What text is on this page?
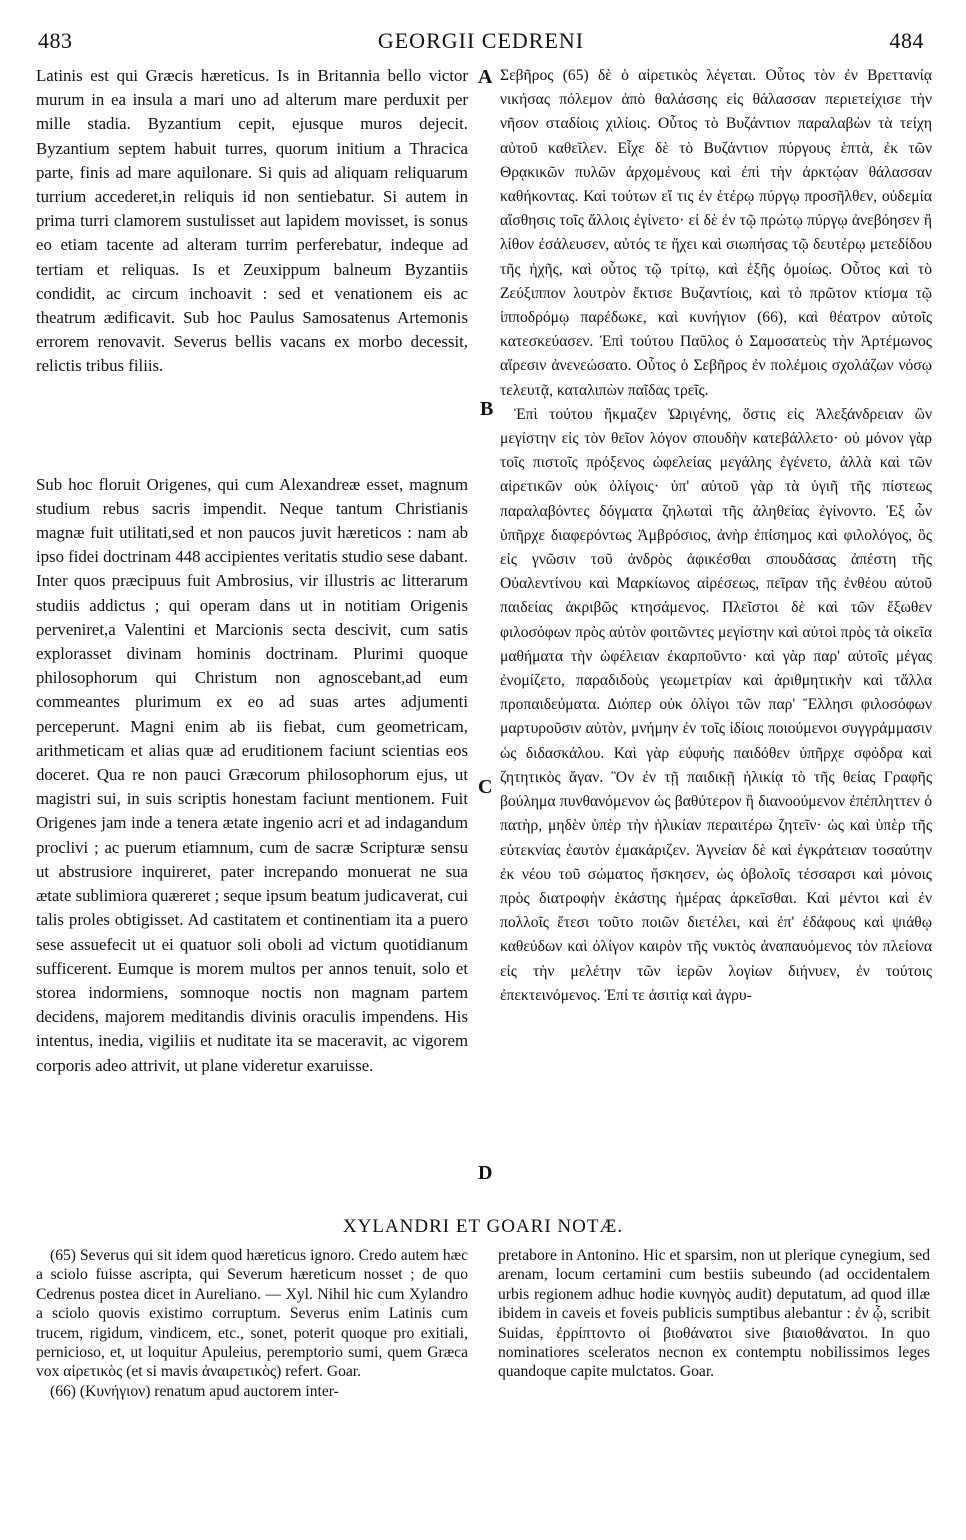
483	GEORGII CEDRENI	484

Latinis est qui Græcis hæreticus. Is in Britannia bello victor murum in ea insula a mari uno ad alterum mare perduxit per mille stadia. Byzantium cepit, ejusque muros dejecit. Byzantium septem habuit turres, quorum initium a Thracica parte, finis ad mare aquilonare. Si quis ad aliquam reliquarum turrium accederet,in reliquis id non sentiebatur. Si autem in prima turri clamorem sustulisset aut lapidem movisset, is sonus eo etiam tacente ad alteram turrim perferebatur, indeque ad tertiam et reliquas. Is et Zeuxippum balneum Byzantiis condidit, ac circum inchoavit : sed et venationem eis ac theatrum ædificavit. Sub hoc Paulus Samosatenus Artemonis errorem renovavit. Severus bellis vacans ex morbo decessit, relictis tribus filiis.

Sub hoc floruit Origenes, qui cum Alexandreæ esset, magnum studium rebus sacris impendit. Neque tantum Christianis magnæ fuit utilitati,sed et non paucos juvit hæreticos : nam ab ipso fidei doctrinam 448 accipientes veritatis studio sese dabant. Inter quos præcipuus fuit Ambrosius, vir illustris ac litterarum studiis addictus ; qui operam dans ut in notitiam Origenis perveniret,a Valentini et Marcionis secta descivit, cum satis explorasset divinam hominis doctrinam. Plurimi quoque philosophorum qui Christum non agnoscebant,ad eum commeantes plurimum ex eo ad suas artes adjumenti perceperunt. Magni enim ab iis fiebat, cum geometricam, arithmeticam et alias quæ ad eruditionem faciunt scientias eos doceret. Qua re non pauci Græcorum philosophorum ejus, ut magistri sui, in suis scriptis honestam faciunt mentionem. Fuit Origenes jam inde a tenera ætate ingenio acri et ad indagandum proclivi ; ac puerum etiamnum, cum de sacræ Scripturæ sensu ut abstrusiore inquireret, pater increpando monuerat ne sua ætate sublimiora quæreret ; seque ipsum beatum judicaverat, cui talis proles obtigisset. Ad castitatem et continentiam ita a puero sese assuefecit ut ei quatuor soli oboli ad victum quotidianum sufficerent. Eumque is morem multos per annos tenuit, solo et storea indormiens, somnoque noctis non magnam partem decidens, majorem meditandis divinis oraculis impendens. His intentus, inedia, vigiliis et nuditate ita se maceravit, ac vigorem corporis adeo attrivit, ut plane videretur exaruisse.

Σεβῆρος (65) δὲ ὁ αἱρετικὸς λέγεται. Οὗτος τὸν ἐν Βρεττανίᾳ νικήσας πόλεμον ἀπὸ θαλάσσης εἰς θάλασσαν περιετείχισε τὴν νῆσον σταδίοις χιλίοις. Οὗτος τὸ Βυζάντιον παραλαβὼν τὰ τείχη αὐτοῦ καθεῖλεν. Εἶχε δὲ τὸ Βυζάντιον πύργους ἑπτὰ, ἐκ τῶν Θρᾳκικῶν πυλῶν ἀρχομένους καὶ ἐπὶ τὴν ἀρκτῴαν θάλασσαν καθήκοντας. Καὶ τούτων εἴ τις ἐν ἑτέρῳ πύργῳ προσῆλθεν, οὐδεμία αἴσθησις τοῖς ἄλλοις ἐγίνετο· εἰ δὲ ἐν τῷ πρώτῳ πύργῳ ἀνεβόησεν ἢ λίθον ἐσάλευσεν, αὐτός τε ἤχει καὶ σιωπήσας τῷ δευτέρῳ μετεδίδου τῆς ἠχῆς, καὶ οὗτος τῷ τρίτῳ, καὶ ἑξῆς ὁμοίως. Οὗτος καὶ τὸ Ζεύξιππον λουτρὸν ἔκτισε Βυζαντίοις, καὶ τὸ πρῶτον κτίσμα τῷ ἱπποδρόμῳ παρέδωκε, καὶ κυνήγιον (66), καὶ θέατρον αὐτοῖς κατεσκεύασεν. Ἐπὶ τούτου Παῦλος ὁ Σαμοσατεὺς τὴν Ἀρτέμωνος αἵρεσιν ἀνενεώσατο. Οὗτος ὁ Σεβῆρος ἐν πολέμοις σχολάζων νόσῳ τελευτᾷ, καταλιπὼν παῖδας τρεῖς.

Ἐπὶ τούτου ἤκμαζεν Ὠριγένης, ὅστις εἰς Ἀλεξάνδρειαν ὢν μεγίστην εἰς τὸν θεῖον λόγον σπουδὴν κατεβάλλετο· οὐ μόνον γὰρ τοῖς πιστοῖς πρόξενος ὠφελείας μεγάλης ἐγένετο, ἀλλὰ καὶ τῶν αἱρετικῶν οὐκ ὀλίγοις· ὑπ' αὐτοῦ γὰρ τὰ ὑγιῆ τῆς πίστεως παραλαβόντες δόγματα ζηλωταὶ τῆς ἀληθείας ἐγίνοντο. Ἐξ ὧν ὑπῆρχε διαφερόντως Ἀμβρόσιος, ἀνὴρ ἐπίσημος καὶ φιλολόγος, ὃς εἰς γνῶσιν τοῦ ἀνδρὸς ἀφικέσθαι σπουδάσας ἀπέστη τῆς Οὐαλεντίνου καὶ Μαρκίωνος αἱρέσεως, πεῖραν τῆς ἐνθέου αὐτοῦ παιδείας ἀκριβῶς κτησάμενος. Πλεῖστοι δὲ καὶ τῶν ἔξωθεν φιλοσόφων πρὸς αὐτὸν φοιτῶντες μεγίστην καὶ αὐτοὶ πρὸς τὰ οἰκεῖα μαθήματα τὴν ὠφέλειαν ἐκαρποῦντο· καὶ γὰρ παρ' αὐτοῖς μέγας ἐνομίζετο, παραδιδοὺς γεωμετρίαν καὶ ἀριθμητικὴν καὶ τἄλλα προπαιδεύματα. Διόπερ οὐκ ὀλίγοι τῶν παρ' Ἕλλησι φιλοσόφων μαρτυροῦσιν αὐτὸν, μνήμην ἐν τοῖς ἰδίοις ποιούμενοι συγγράμμασιν ὡς διδασκάλου. Καὶ γὰρ εὐφυὴς παιδόθεν ὑπῆρχε σφόδρα καὶ ζητητικὸς ἄγαν. Ὃν ἐν τῇ παιδικῇ ἡλικίᾳ τὸ τῆς θείας Γραφῆς βούλημα πυνθανόμενον ὡς βαθύτερον ἢ διανοούμενον ἐπέπληττεν ὁ πατὴρ, μηδὲν ὑπὲρ τὴν ἡλικίαν περαιτέρω ζητεῖν· ὡς καὶ ὑπὲρ τῆς εὐτεκνίας ἑαυτὸν ἐμακάριζεν. Ἁγνείαν δὲ καὶ ἐγκράτειαν τοσαύτην ἐκ νέου τοῦ σώματος ἤσκησεν, ὡς ὀβολοῖς τέσσαρσι καὶ μόνοις πρὸς διατροφὴν ἑκάστης ἡμέρας ἀρκεῖσθαι. Καὶ μέντοι καὶ ἐν πολλοῖς ἔτεσι τοῦτο ποιῶν διετέλει, καὶ ἐπ' ἐδάφους καὶ ψιάθῳ καθεύδων καὶ ὀλίγον καιρὸν τῆς νυκτὸς ἀναπαυόμενος τὸν πλείονα εἰς τὴν μελέτην τῶν ἱερῶν λογίων διήνυεν, ἐν τούτοις ἐπεκτεινόμενος. Ἐπί τε ἀσιτίᾳ καὶ ἀγρυ-

A
B
C
D
XYLANDRI ET GOARI NOTÆ.

(65) Severus qui sit idem quod hæreticus ignoro. Credo autem hæc a sciolo fuisse ascripta, qui Severum hæreticum nosset ; de quo Cedrenus postea dicet in Aureliano. — Xyl. Nihil hic cum Xylandro a sciolo quovis existimo corruptum. Severus enim Latinis cum trucem, rigidum, vindicem, etc., sonet, poterit quoque pro exitiali, pernicioso, et, ut loquitur Apuleius, peremptorio sumi, quem Græca vox αἱρετικὸς (et si mavis ἀναιρετικὸς) refert. Goar.

(66) (Κυνήγιον) renatum apud auctorem inter-

pretabore in Antonino. Hic et sparsim, non ut plerique cynegium, sed arenam, locum certamini cum bestiis subeundo (ad occidentalem urbis regionem adhuc hodie κυνηγὸς audit) deputatum, ad quod illæ ibidem in caveis et foveis publicis sumptibus alebantur : ἐν ᾧ, scribit Suidas, ἐρρίπτοντο οἱ βιοθάνατοι sive βιαιοθάνατοι. In quo nominatiores sceleratos necnon ex contemptu nobilissimos leges quandoque capite mulctatos. Goar.
